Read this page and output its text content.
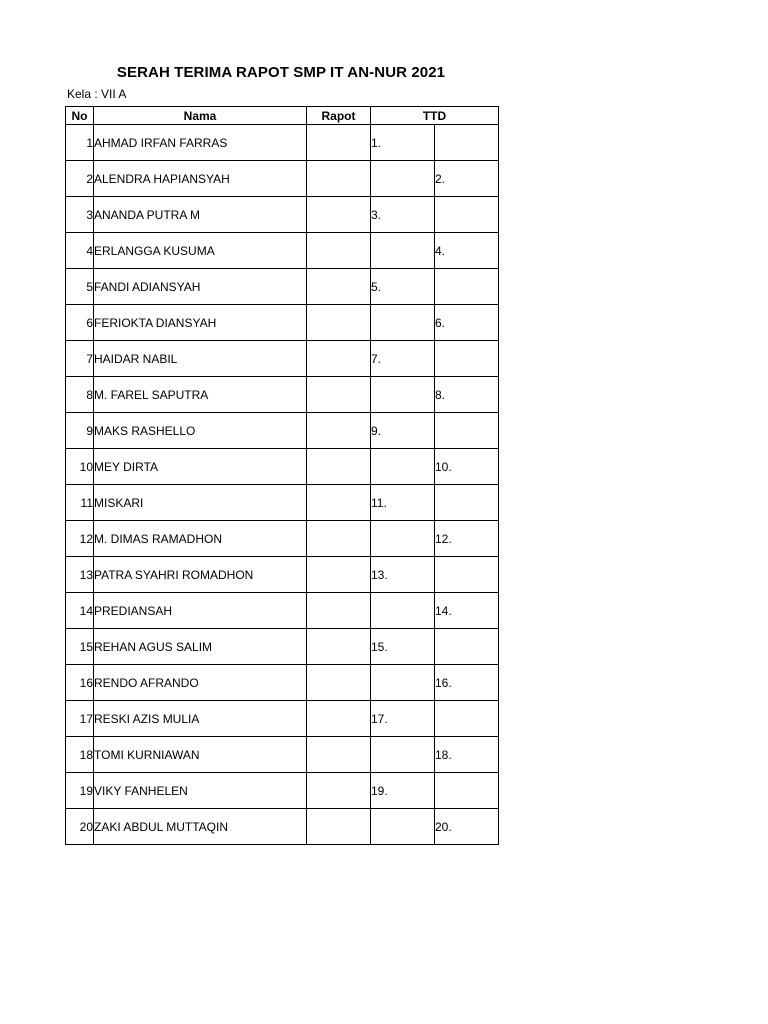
SERAH TERIMA RAPOT SMP IT AN-NUR 2021
Kela : VII A
No	Nama	Rapot	TTD	
1	AHMAD IRFAN FARRAS		1.	
2	ALENDRA HAPIANSYAH			2.
3	ANANDA PUTRA M		3.	
4	ERLANGGA KUSUMA			4.
5	FANDI ADIANSYAH		5.	
6	FERIOKTA DIANSYAH			6.
7	HAIDAR NABIL		7.	
8	M. FAREL SAPUTRA			8.
9	MAKS RASHELLO		9.	
10	MEY DIRTA			10.
11	MISKARI		11.	
12	M. DIMAS RAMADHON			12.
13	PATRA SYAHRI ROMADHON		13.	
14	PREDIANSAH			14.
15	REHAN AGUS SALIM		15.	
16	RENDO AFRANDO			16.
17	RESKI AZIS MULIA		17.	
18	TOMI KURNIAWAN			18.
19	VIKY FANHELEN		19.	
20	ZAKI ABDUL MUTTAQIN			20.
